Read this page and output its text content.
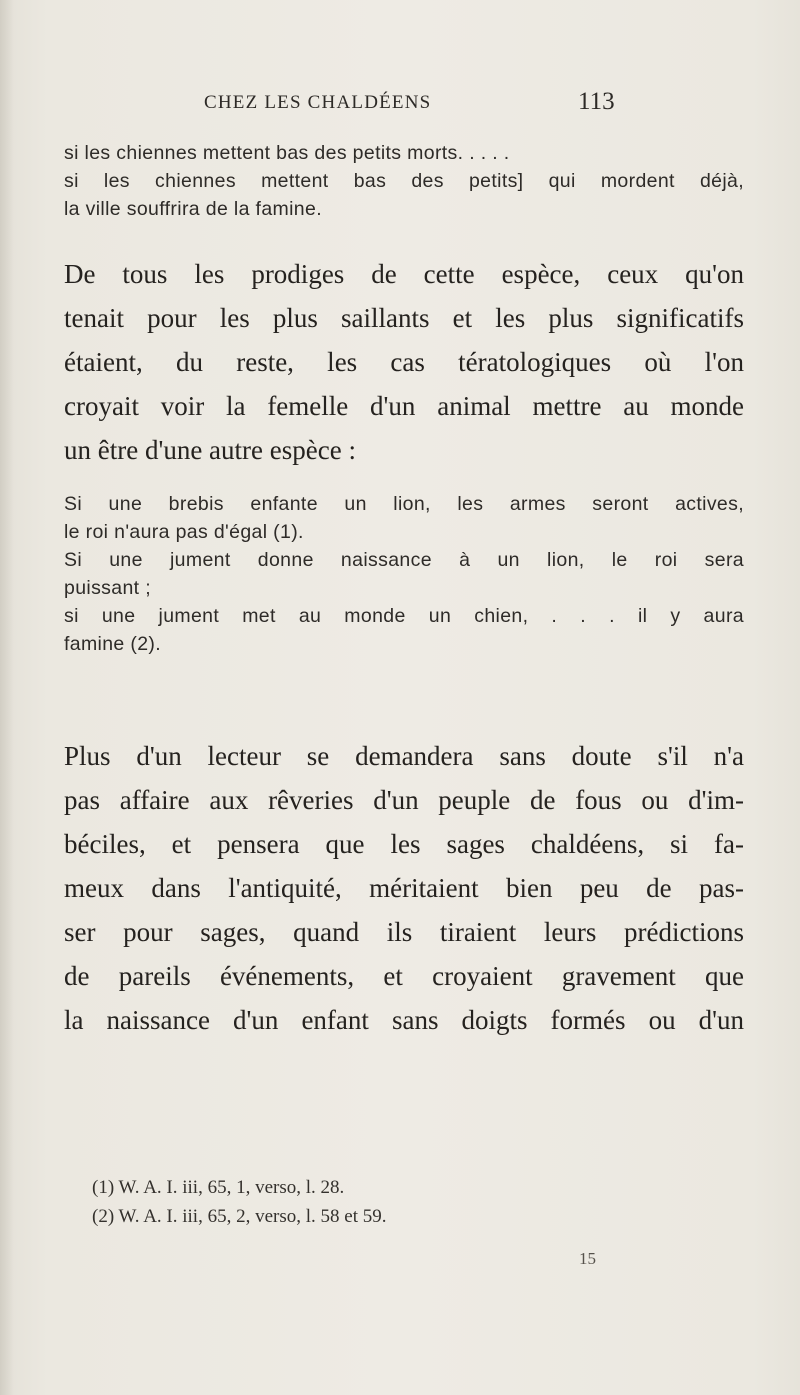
CHEZ LES CHALDÉENS	113
si les chiennes mettent bas des petits morts. . . . .
si les chiennes mettent bas des petits] qui mordent déjà,
la ville souffrira de la famine.
De tous les prodiges de cette espèce, ceux qu'on
tenait pour les plus saillants et les plus significatifs
étaient, du reste, les cas tératologiques où l'on
croyait voir la femelle d'un animal mettre au monde
un être d'une autre espèce :
Si une brebis enfante un lion, les armes seront actives,
le roi n'aura pas d'égal (1).
Si une jument donne naissance à un lion, le roi sera
puissant ;
si une jument met au monde un chien, . . . il y aura
famine (2).
Plus d'un lecteur se demandera sans doute s'il n'a
pas affaire aux rêveries d'un peuple de fous ou d'im-
béciles, et pensera que les sages chaldéens, si fa-
meux dans l'antiquité, méritaient bien peu de pas-
ser pour sages, quand ils tiraient leurs prédictions
de pareils événements, et croyaient gravement que
la naissance d'un enfant sans doigts formés ou d'un
(1) W. A. I. iii, 65, 1, verso, l. 28.
(2) W. A. I. iii, 65, 2, verso, l. 58 et 59.
15
